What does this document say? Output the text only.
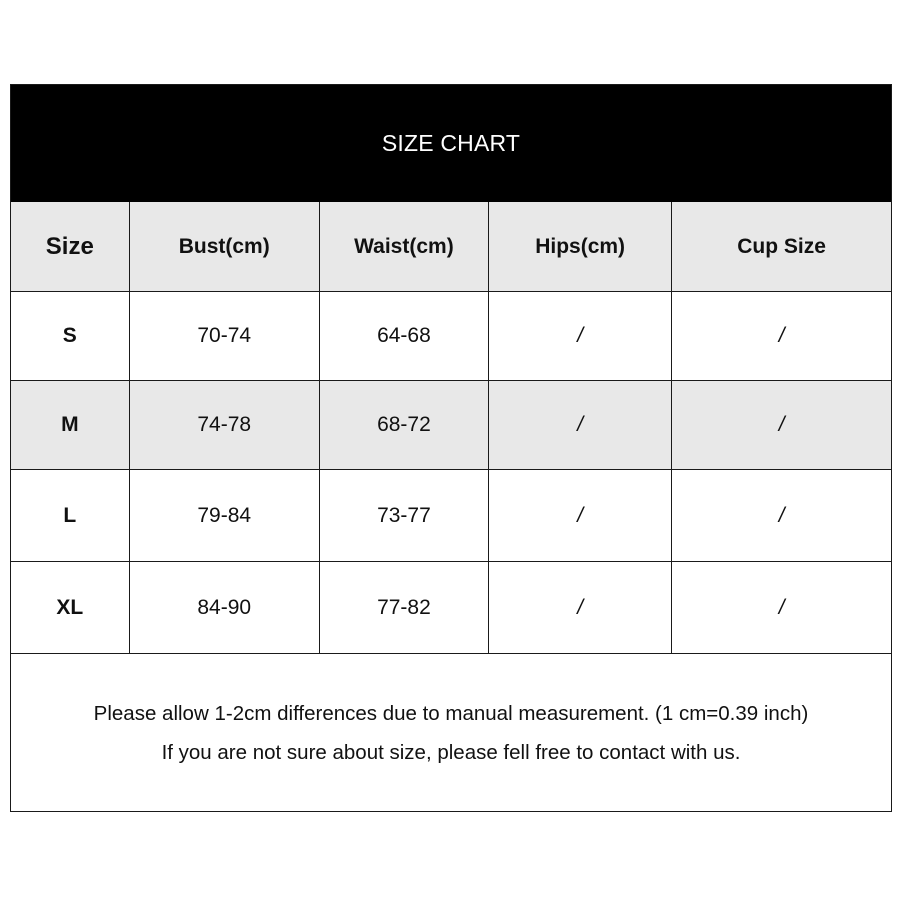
SIZE CHART
Size	Bust(cm)	Waist(cm)	Hips(cm)	Cup Size
S	70-74	64-68	/	/
M	74-78	68-72	/	/
L	79-84	73-77	/	/
XL	84-90	77-82	/	/
Please allow 1-2cm differences due to manual measurement. (1 cm=0.39 inch)
If you are not sure about size, please fell free to contact with us.
